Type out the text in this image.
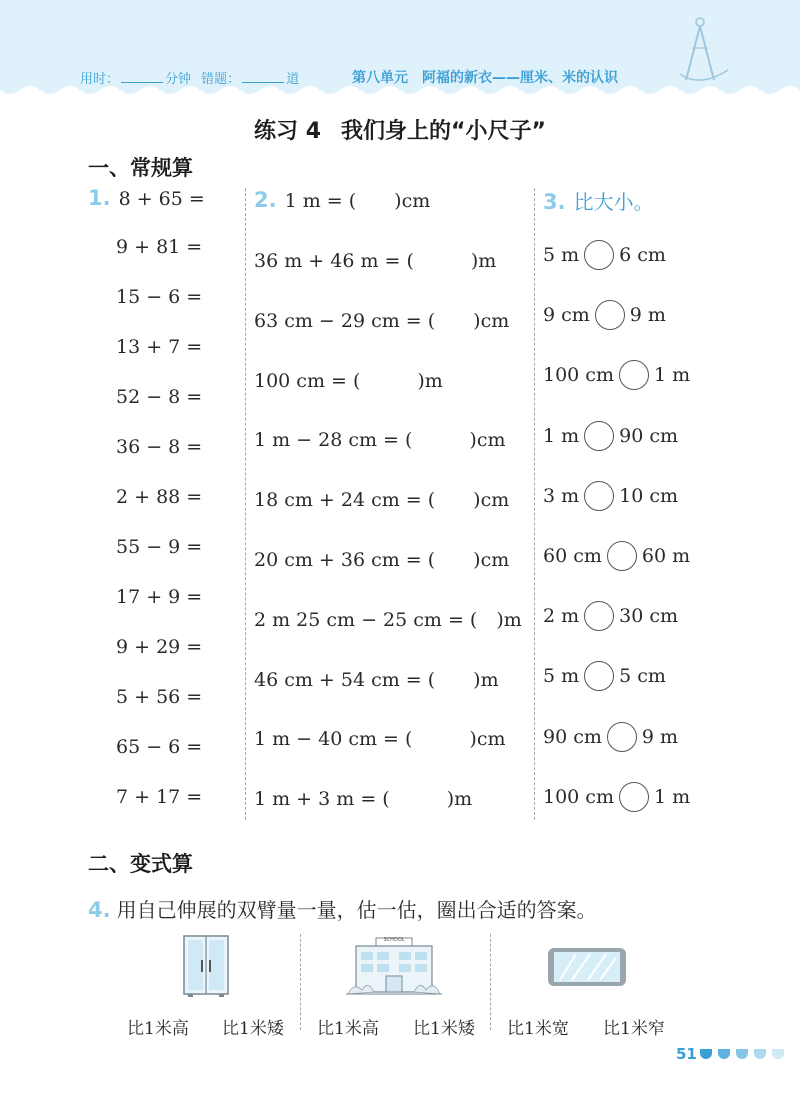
用时：	分钟 错题：	道	第八单元 阿福的新衣——厘米、米的认识
练习 4 我们身上的“小尺子”
一、常规算
1. 8 + 65 =
9 + 81 =
15 − 6 =
13 + 7 =
52 − 8 =
36 − 8 =
2 + 88 =
55 − 9 =
17 + 9 =
9 + 29 =
5 + 56 =
65 − 6 =
7 + 17 =
2. 1 m = (　　)cm
36 m + 46 m = (　　　)m
63 cm − 29 cm = (　　)cm
100 cm = (　　　)m
1 m − 28 cm = (　　　)cm
18 cm + 24 cm = (　　)cm
20 cm + 36 cm = (　　)cm
2 m 25 cm − 25 cm = (　)m
46 cm + 54 cm = (　　)m
1 m − 40 cm = (　　　)cm
1 m + 3 m = (　　　)m
3. 比大小。
5 m 6 cm
9 cm 9 m
100 cm 1 m
1 m 90 cm
3 m 10 cm
60 cm 60 m
2 m 30 cm
5 m 5 cm
90 cm 9 m
100 cm 1 m
二、变式算
4. 用自己伸展的双臂量一量，估一估，圈出合适的答案。
SCHOOL
比1米高 比1米矮 比1米高 比1米矮 比1米宽 比1米窄
51
